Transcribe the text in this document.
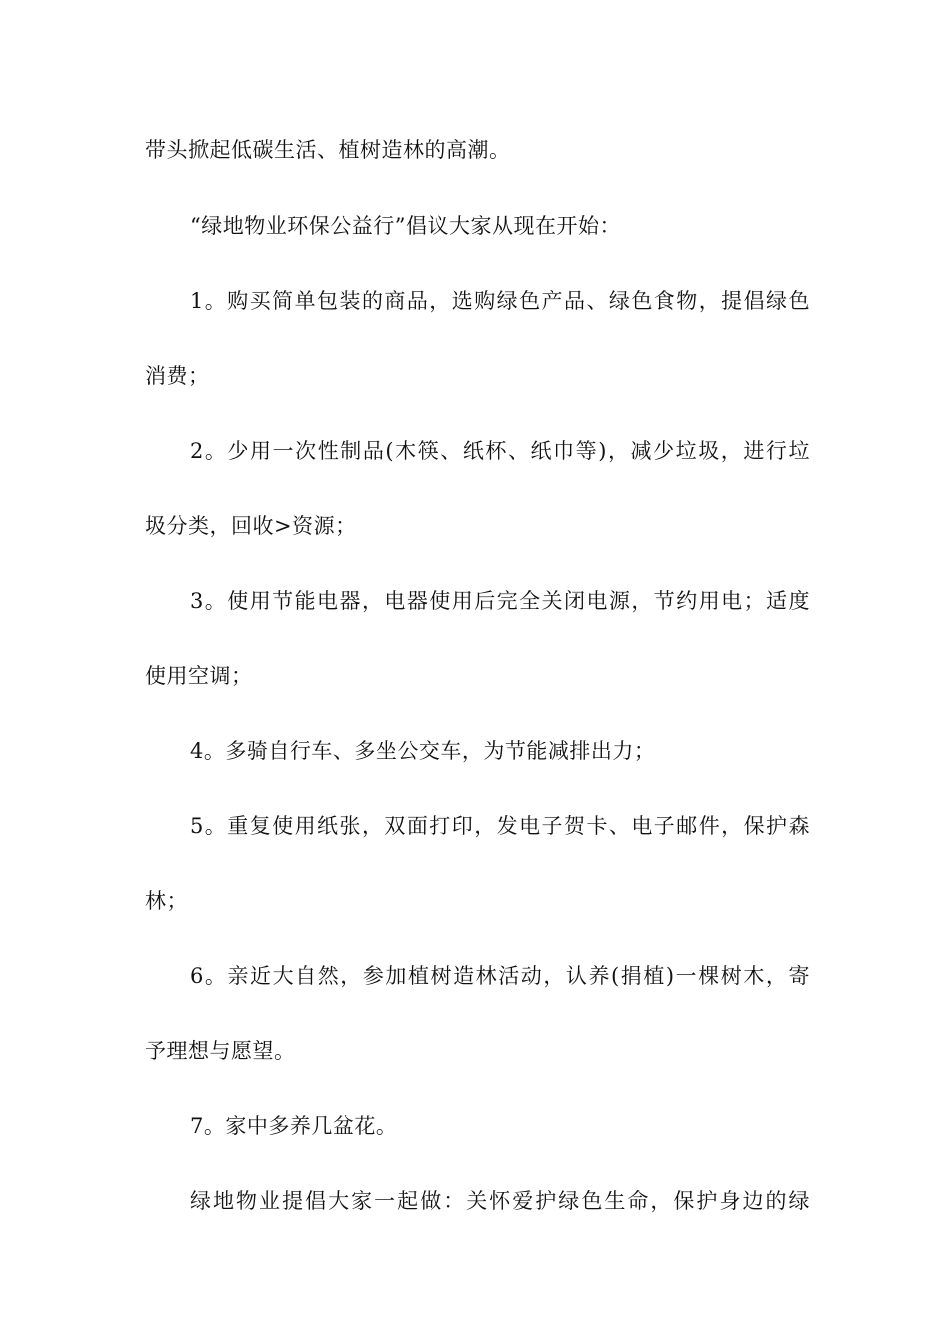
带头掀起低碳生活、植树造林的高潮。
“绿地物业环保公益行”倡议大家从现在开始：
1。购买简单包装的商品，选购绿色产品、绿色食物，提倡绿色
消费；
2。少用一次性制品(木筷、纸杯、纸巾等)，减少垃圾，进行垃
圾分类，回收>资源；
3。使用节能电器，电器使用后完全关闭电源，节约用电；适度
使用空调；
4。多骑自行车、多坐公交车，为节能减排出力；
5。重复使用纸张，双面打印，发电子贺卡、电子邮件，保护森
林；
6。亲近大自然，参加植树造林活动，认养(捐植)一棵树木，寄
予理想与愿望。
7。家中多养几盆花。
绿地物业提倡大家一起做：关怀爱护绿色生命，保护身边的绿
